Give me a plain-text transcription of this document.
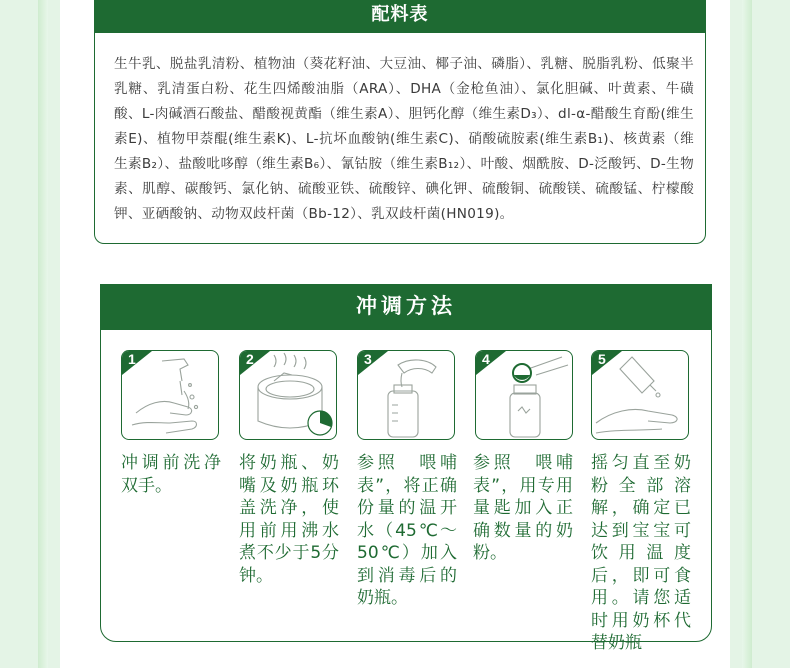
配料表
生牛乳、脱盐乳清粉、植物油（葵花籽油、大豆油、椰子油、磷脂）、乳糖、脱脂乳粉、低聚半乳糖、乳清蛋白粉、花生四烯酸油脂（ARA）、DHA（金枪鱼油）、氯化胆碱、叶黄素、牛磺酸、L-肉碱酒石酸盐、醋酸视黄酯（维生素A）、胆钙化醇（维生素D₃）、dl-α-醋酸生育酚(维生素E)、植物甲萘醌(维生素K)、L-抗坏血酸钠(维生素C)、硝酸硫胺素(维生素B₁)、核黄素（维生素B₂）、盐酸吡哆醇（维生素B₆）、氰钴胺（维生素B₁₂）、叶酸、烟酰胺、D-泛酸钙、D-生物素、肌醇、碳酸钙、氯化钠、硫酸亚铁、硫酸锌、碘化钾、硫酸铜、硫酸镁、硫酸锰、柠檬酸钾、亚硒酸钠、动物双歧杆菌（Bb-12）、乳双歧杆菌(HN019)。
冲调方法
1	2	3	4	5
冲调前洗净双手。
将奶瓶、奶嘴及奶瓶环盖洗净，使用前用沸水煮不少于5分钟。
参照　喂哺表”，将正确份量的温开水（45℃～50℃）加入到消毒后的奶瓶。
参照　喂哺表”，用专用量匙加入正确数量的奶粉。
摇匀直至奶粉全部溶解，确定已达到宝宝可饮用温度后，即可食用。请您适时用奶杯代替奶瓶
